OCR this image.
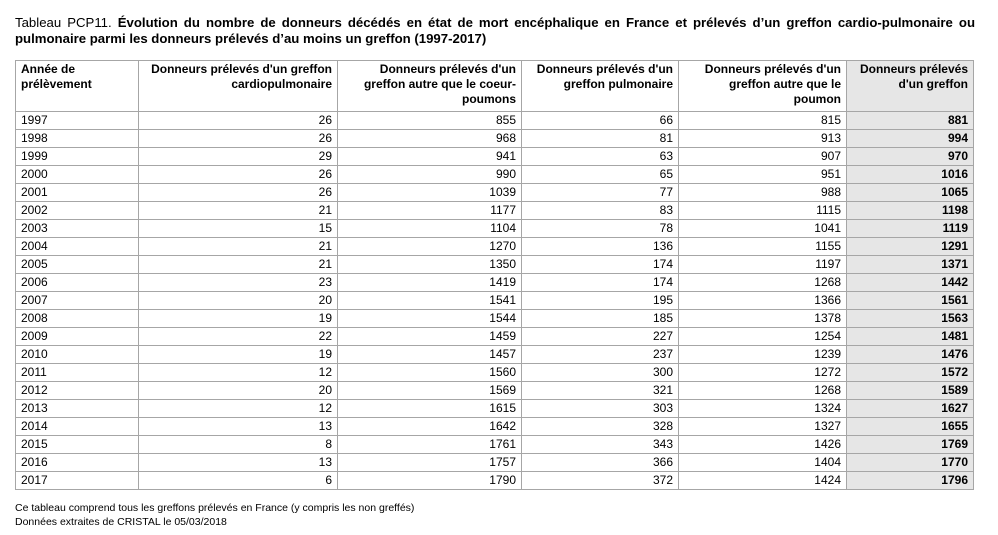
Tableau PCP11. Évolution du nombre de donneurs décédés en état de mort encéphalique en France et prélevés d’un greffon cardio-pulmonaire ou pulmonaire parmi les donneurs prélevés d’au moins un greffon (1997-2017)
Année de prélèvement	Donneurs prélevés d'un greffon cardiopulmonaire	Donneurs prélevés d'un greffon autre que le coeur-poumons	Donneurs prélevés d'un greffon pulmonaire	Donneurs prélevés d'un greffon autre que le poumon	Donneurs prélevés d'un greffon
1997	26	855	66	815	881
1998	26	968	81	913	994
1999	29	941	63	907	970
2000	26	990	65	951	1016
2001	26	1039	77	988	1065
2002	21	1177	83	1115	1198
2003	15	1104	78	1041	1119
2004	21	1270	136	1155	1291
2005	21	1350	174	1197	1371
2006	23	1419	174	1268	1442
2007	20	1541	195	1366	1561
2008	19	1544	185	1378	1563
2009	22	1459	227	1254	1481
2010	19	1457	237	1239	1476
2011	12	1560	300	1272	1572
2012	20	1569	321	1268	1589
2013	12	1615	303	1324	1627
2014	13	1642	328	1327	1655
2015	8	1761	343	1426	1769
2016	13	1757	366	1404	1770
2017	6	1790	372	1424	1796
Ce tableau comprend tous les greffons prélevés en France (y compris les non greffés)
Données extraites de CRISTAL le 05/03/2018
